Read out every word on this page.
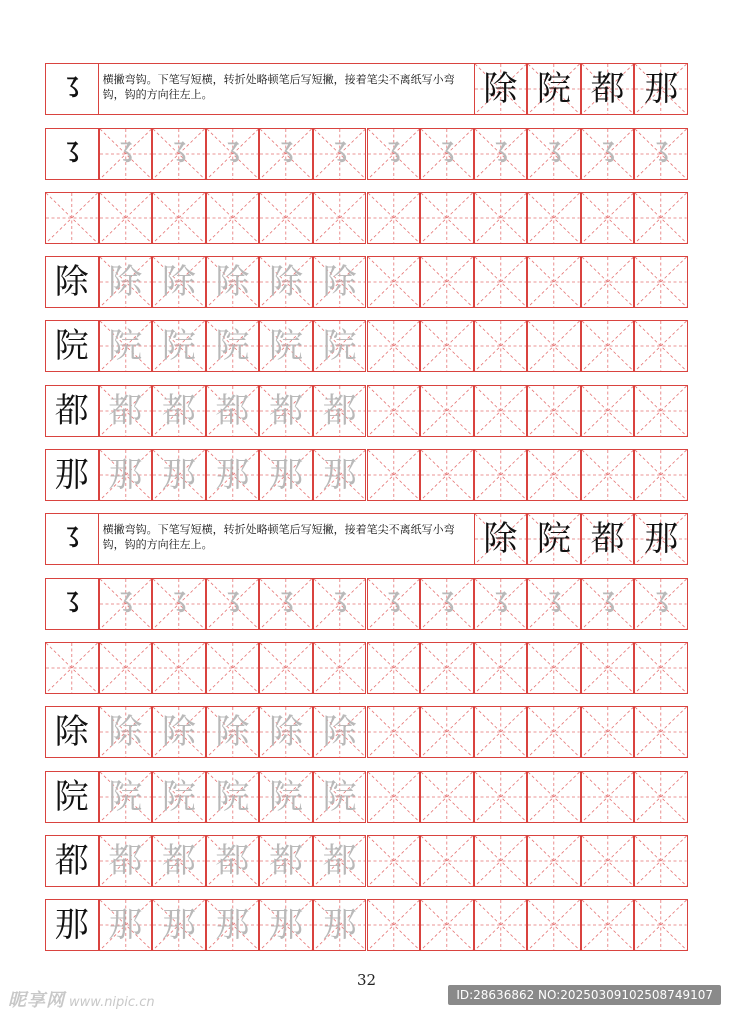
㇌	横撇弯钩。下笔写短横，转折处略顿笔后写短撇，接着笔尖不离纸写小弯钩，钩的方向往左上。	除 院 都 那
㇌	㇌	㇌	㇌	㇌	㇌	㇌	㇌	㇌	㇌	㇌	㇌
除 除 除 除 除 除
院 院 院 院 院 院
都 都 都 都 都 都
那 那 那 那 那 那
㇌	横撇弯钩。下笔写短横，转折处略顿笔后写短撇，接着笔尖不离纸写小弯钩，钩的方向往左上。	除 院 都 那
㇌	㇌	㇌	㇌	㇌	㇌	㇌	㇌	㇌	㇌	㇌	㇌
除 除 除 除 除 除
院 院 院 院 院 院
都 都 都 都 都 都
那 那 那 那 那 那
32
昵享网 www.nipic.cn	ID:28636862 NO:20250309102508749107
